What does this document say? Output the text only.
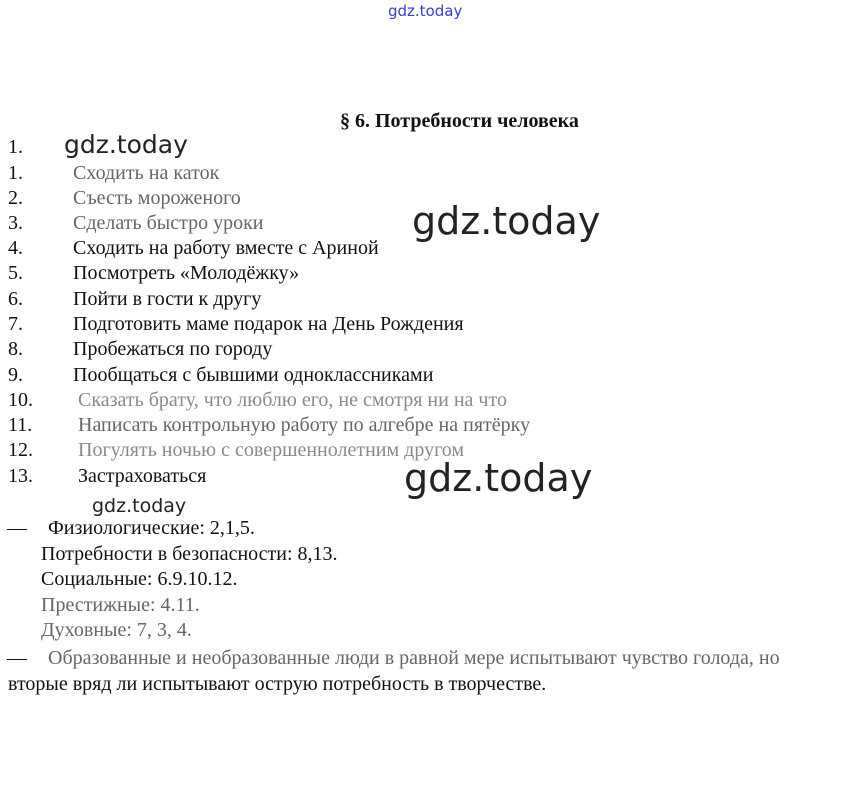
gdz.today
gdz.today
gdz.today
gdz.today
gdz.today
§ 6. Потребности человека
1.
1.	Сходить на каток
2.	Съесть мороженого
3.	Сделать быстро уроки
4.	Сходить на работу вместе с Ариной
5.	Посмотреть «Молодёжку»
6.	Пойти в гости к другу
7.	Подготовить маме подарок на День Рождения
8.	Пробежаться по городу
9.	Пообщаться с бывшими одноклассниками
10. Сказать брату, что люблю его, не смотря ни на что
11. Написать контрольную работу по алгебре на пятёрку
12. Погулять ночью с совершеннолетним другом
13. Застраховаться
— Физиологические: 2,1,5.
Потребности в безопасности: 8,13.
Социальные: 6.9.10.12.
Престижные: 4.11.
Духовные: 7, 3, 4.
— Образованные и необразованные люди в равной мере испытывают чувство голода, но
вторые вряд ли испытывают острую потребность в творчестве.
